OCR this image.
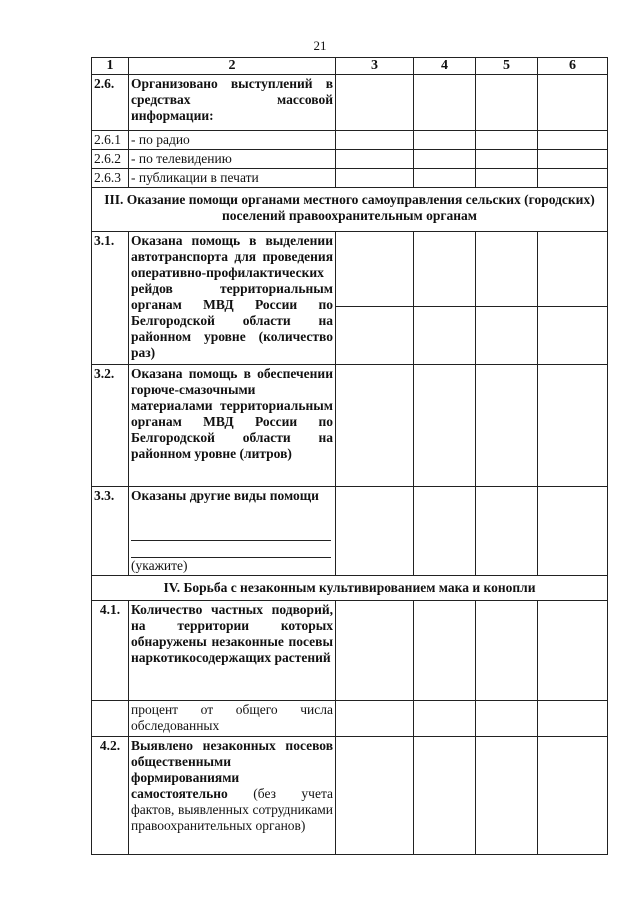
21
1	2	3	4	5	6
2.6.	Организовано выступлений в средствах массовой информации:				
2.6.1	- по радио				
2.6.2	- по телевидению				
2.6.3	- публикации в печати				
III. Оказание помощи органами местного самоуправления сельских (городских) поселений правоохранительным органам					
3.1.	Оказана помощь в выделении автотранспорта для проведения оперативно-профилактических рейдов территориальным органам МВД России по Белгородской области на районном уровне (количество раз)				

3.2.	Оказана помощь в обеспечении горюче-смазочными материалами территориальным органам МВД России по Белгородской области на районном уровне (литров)				
3.3.	Оказаны другие виды помощи
(укажите)				

IV. Борьба с незаконным культивированием мака и конопли					
4.1.	Количество частных подворий, на территории которых обнаружены незаконные посевы наркотикосодержащих растений				
	процент от общего числа обследованных				
4.2.	Выявлено незаконных посевов общественными формированиями самостоятельно (без учета фактов, выявленных сотрудниками правоохранительных органов)				
